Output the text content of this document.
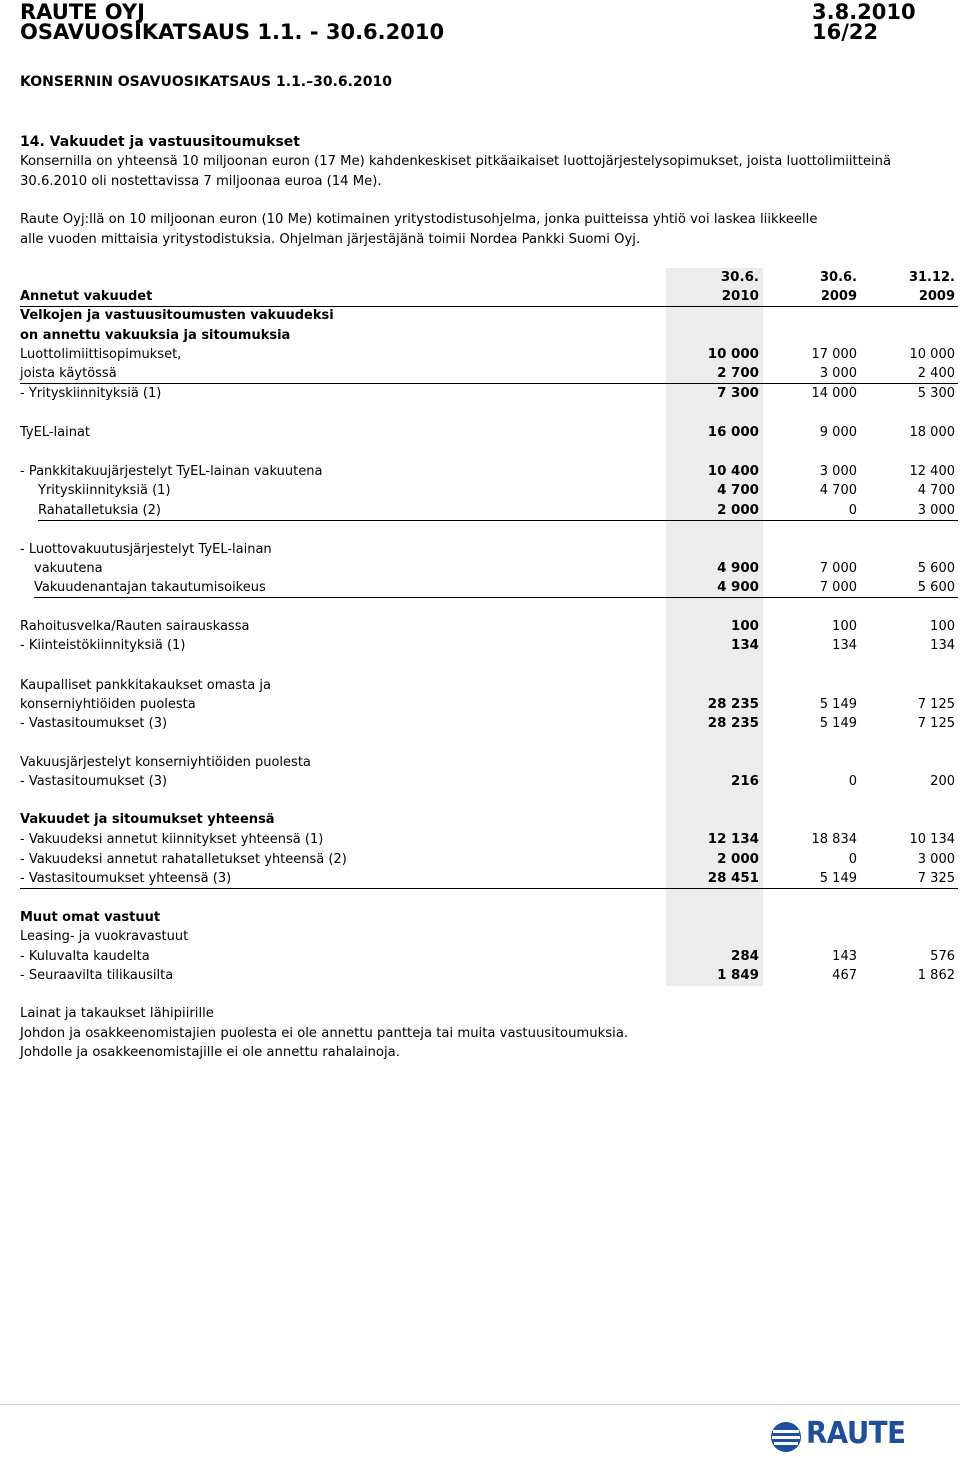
RAUTE OYJ
OSAVUOSIKATSAUS 1.1. - 30.6.2010
3.8.2010
16/22
KONSERNIN OSAVUOSIKATSAUS 1.1.–30.6.2010
14. Vakuudet ja vastuusitoumukset
Konsernilla on yhteensä 10 miljoonan euron (17 Me) kahdenkeskiset pitkäaikaiset luottojärjestelysopimukset, joista luottolimiitteinä
30.6.2010 oli nostettavissa 7 miljoonaa euroa (14 Me).
Raute Oyj:llä on 10 miljoonan euron (10 Me) kotimainen yritystodistusohjelma, jonka puitteissa yhtiö voi laskea liikkeelle
alle vuoden mittaisia yritystodistuksia. Ohjelman järjestäjänä toimii Nordea Pankki Suomi Oyj.
30.6.	30.6.	31.12.
Annetut vakuudet	2010	2009	2009
Velkojen ja vastuusitoumusten vakuudeksi
on annettu vakuuksia ja sitoumuksia
Luottolimiittisopimukset,	10 000	17 000	10 000
joista käytössä	2 700	3 000	2 400
- Yrityskiinnityksiä (1)	7 300	14 000	5 300
TyEL-lainat	16 000	9 000	18 000
- Pankkitakuujärjestelyt TyEL-lainan vakuutena	10 400	3 000	12 400
Yrityskiinnityksiä (1)	4 700	4 700	4 700
Rahatalletuksia (2)	2 000	0	3 000
- Luottovakuutusjärjestelyt TyEL-lainan
vakuutena	4 900	7 000	5 600
Vakuudenantajan takautumisoikeus	4 900	7 000	5 600
Rahoitusvelka/Rauten sairauskassa	100	100	100
- Kiinteistökiinnityksiä (1)	134	134	134
Kaupalliset pankkitakaukset omasta ja
konserniyhtiöiden puolesta	28 235	5 149	7 125
- Vastasitoumukset (3)	28 235	5 149	7 125
Vakuusjärjestelyt konserniyhtiöiden puolesta
- Vastasitoumukset (3)	216	0	200
Vakuudet ja sitoumukset yhteensä
- Vakuudeksi annetut kiinnitykset yhteensä (1)	12 134	18 834	10 134
- Vakuudeksi annetut rahatalletukset yhteensä (2)	2 000	0	3 000
- Vastasitoumukset yhteensä (3)	28 451	5 149	7 325
Muut omat vastuut
Leasing- ja vuokravastuut
- Kuluvalta kaudelta	284	143	576
- Seuraavilta tilikausilta	1 849	467	1 862
Lainat ja takaukset lähipiirille
Johdon ja osakkeenomistajien puolesta ei ole annettu pantteja tai muita vastuusitoumuksia.
Johdolle ja osakkeenomistajille ei ole annettu rahalainoja.
RAUTE
